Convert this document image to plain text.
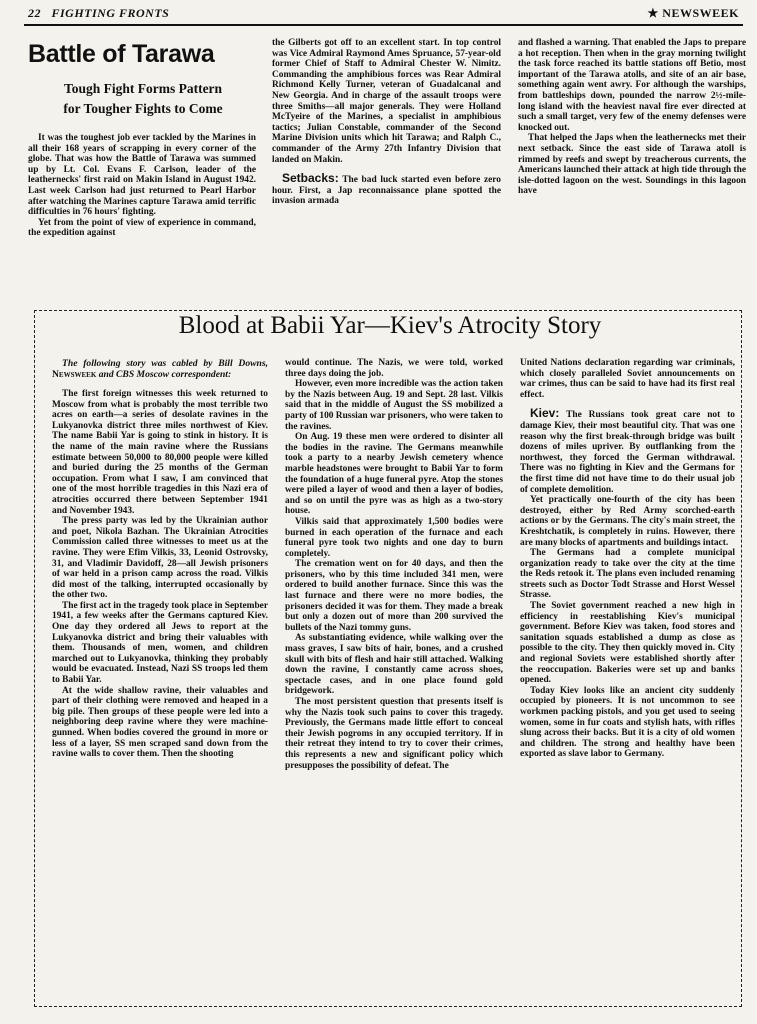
22 FIGHTING FRONTS	★ NEWSWEEK
Battle of Tarawa
Tough Fight Forms Pattern
for Tougher Fights to Come

It was the toughest job ever tackled by the Marines in all their 168 years of scrapping in every corner of the globe. That was how the Battle of Tarawa was summed up by Lt. Col. Evans F. Carlson, leader of the leathernecks' first raid on Makin Island in August 1942. Last week Carlson had just returned to Pearl Harbor after watching the Marines capture Tarawa amid terrific difficulties in 76 hours' fighting.

Yet from the point of view of experience in command, the expedition against

the Gilberts got off to an excellent start. In top control was Vice Admiral Raymond Ames Spruance, 57-year-old former Chief of Staff to Admiral Chester W. Nimitz. Commanding the amphibious forces was Rear Admiral Richmond Kelly Turner, veteran of Guadalcanal and New Georgia. And in charge of the assault troops were three Smiths—all major generals. They were Holland McTyeire of the Marines, a specialist in amphibious tactics; Julian Constable, commander of the Second Marine Division units which hit Tarawa; and Ralph C., commander of the Army 27th Infantry Division that landed on Makin.

Setbacks: The bad luck started even before zero hour. First, a Jap reconnaissance plane spotted the invasion armada

and flashed a warning. That enabled the Japs to prepare a hot reception. Then when in the gray morning twilight the task force reached its battle stations off Betio, most important of the Tarawa atolls, and site of an air base, something again went awry. For although the warships, from battleships down, pounded the narrow 2½-mile-long island with the heaviest naval fire ever directed at such a small target, very few of the enemy defenses were knocked out.

That helped the Japs when the leathernecks met their next setback. Since the east side of Tarawa atoll is rimmed by reefs and swept by treacherous currents, the Americans launched their attack at high tide through the isle-dotted lagoon on the west. Soundings in this lagoon have

Blood at Babii Yar—Kiev's Atrocity Story

The following story was cabled by Bill Downs, Newsweek and CBS Moscow correspondent:

The first foreign witnesses this week returned to Moscow from what is probably the most terrible two acres on earth—a series of desolate ravines in the Lukyanovka district three miles northwest of Kiev. The name Babii Yar is going to stink in history. It is the name of the main ravine where the Russians estimate between 50,000 to 80,000 people were killed and buried during the 25 months of the German occupation. From what I saw, I am convinced that one of the most horrible tragedies in this Nazi era of atrocities occurred there between September 1941 and November 1943.

The press party was led by the Ukrainian author and poet, Nikola Bazhan. The Ukrainian Atrocities Commission called three witnesses to meet us at the ravine. They were Efim Vilkis, 33, Leonid Ostrovsky, 31, and Vladimir Davidoff, 28—all Jewish prisoners of war held in a prison camp across the road. Vilkis did most of the talking, interrupted occasionally by the other two.

The first act in the tragedy took place in September 1941, a few weeks after the Germans captured Kiev. One day they ordered all Jews to report at the Lukyanovka district and bring their valuables with them. Thousands of men, women, and children marched out to Lukyanovka, thinking they probably would be evacuated. Instead, Nazi SS troops led them to Babii Yar.

At the wide shallow ravine, their valuables and part of their clothing were removed and heaped in a big pile. Then groups of these people were led into a neighboring deep ravine where they were machine-gunned. When bodies covered the ground in more or less of a layer, SS men scraped sand down from the ravine walls to cover them. Then the shooting

would continue. The Nazis, we were told, worked three days doing the job.

However, even more incredible was the action taken by the Nazis between Aug. 19 and Sept. 28 last. Vilkis said that in the middle of August the SS mobilized a party of 100 Russian war prisoners, who were taken to the ravines.

On Aug. 19 these men were ordered to disinter all the bodies in the ravine. The Germans meanwhile took a party to a nearby Jewish cemetery whence marble headstones were brought to Babii Yar to form the foundation of a huge funeral pyre. Atop the stones were piled a layer of wood and then a layer of bodies, and so on until the pyre was as high as a two-story house.

Vilkis said that approximately 1,500 bodies were burned in each operation of the furnace and each funeral pyre took two nights and one day to burn completely.

The cremation went on for 40 days, and then the prisoners, who by this time included 341 men, were ordered to build another furnace. Since this was the last furnace and there were no more bodies, the prisoners decided it was for them. They made a break but only a dozen out of more than 200 survived the bullets of the Nazi tommy guns.

As substantiating evidence, while walking over the mass graves, I saw bits of hair, bones, and a crushed skull with bits of flesh and hair still attached. Walking down the ravine, I constantly came across shoes, spectacle cases, and in one place found gold bridgework.

The most persistent question that presents itself is why the Nazis took such pains to cover this tragedy. Previously, the Germans made little effort to conceal their Jewish pogroms in any occupied territory. If in their retreat they intend to try to cover their crimes, this represents a new and significant policy which presupposes the possibility of defeat. The

United Nations declaration regarding war criminals, which closely paralleled Soviet announcements on war crimes, thus can be said to have had its first real effect.

Kiev: The Russians took great care not to damage Kiev, their most beautiful city. That was one reason why the first break-through bridge was built dozens of miles upriver. By outflanking from the northwest, they forced the German withdrawal. There was no fighting in Kiev and the Germans for the first time did not have time to do their usual job of complete demolition.

Yet practically one-fourth of the city has been destroyed, either by Red Army scorched-earth actions or by the Germans. The city's main street, the Kreshtchatik, is completely in ruins. However, there are many blocks of apartments and buildings intact.

The Germans had a complete municipal organization ready to take over the city at the time the Reds retook it. The plans even included renaming streets such as Doctor Todt Strasse and Horst Wessel Strasse.

The Soviet government reached a new high in efficiency in reestablishing Kiev's municipal government. Before Kiev was taken, food stores and sanitation squads established a dump as close as possible to the city. They then quickly moved in. City and regional Soviets were established shortly after the reoccupation. Bakeries were set up and banks opened.

Today Kiev looks like an ancient city suddenly occupied by pioneers. It is not uncommon to see workmen packing pistols, and you get used to seeing women, some in fur coats and stylish hats, with rifles slung across their backs. But it is a city of old women and children. The strong and healthy have been exported as slave labor to Germany.
